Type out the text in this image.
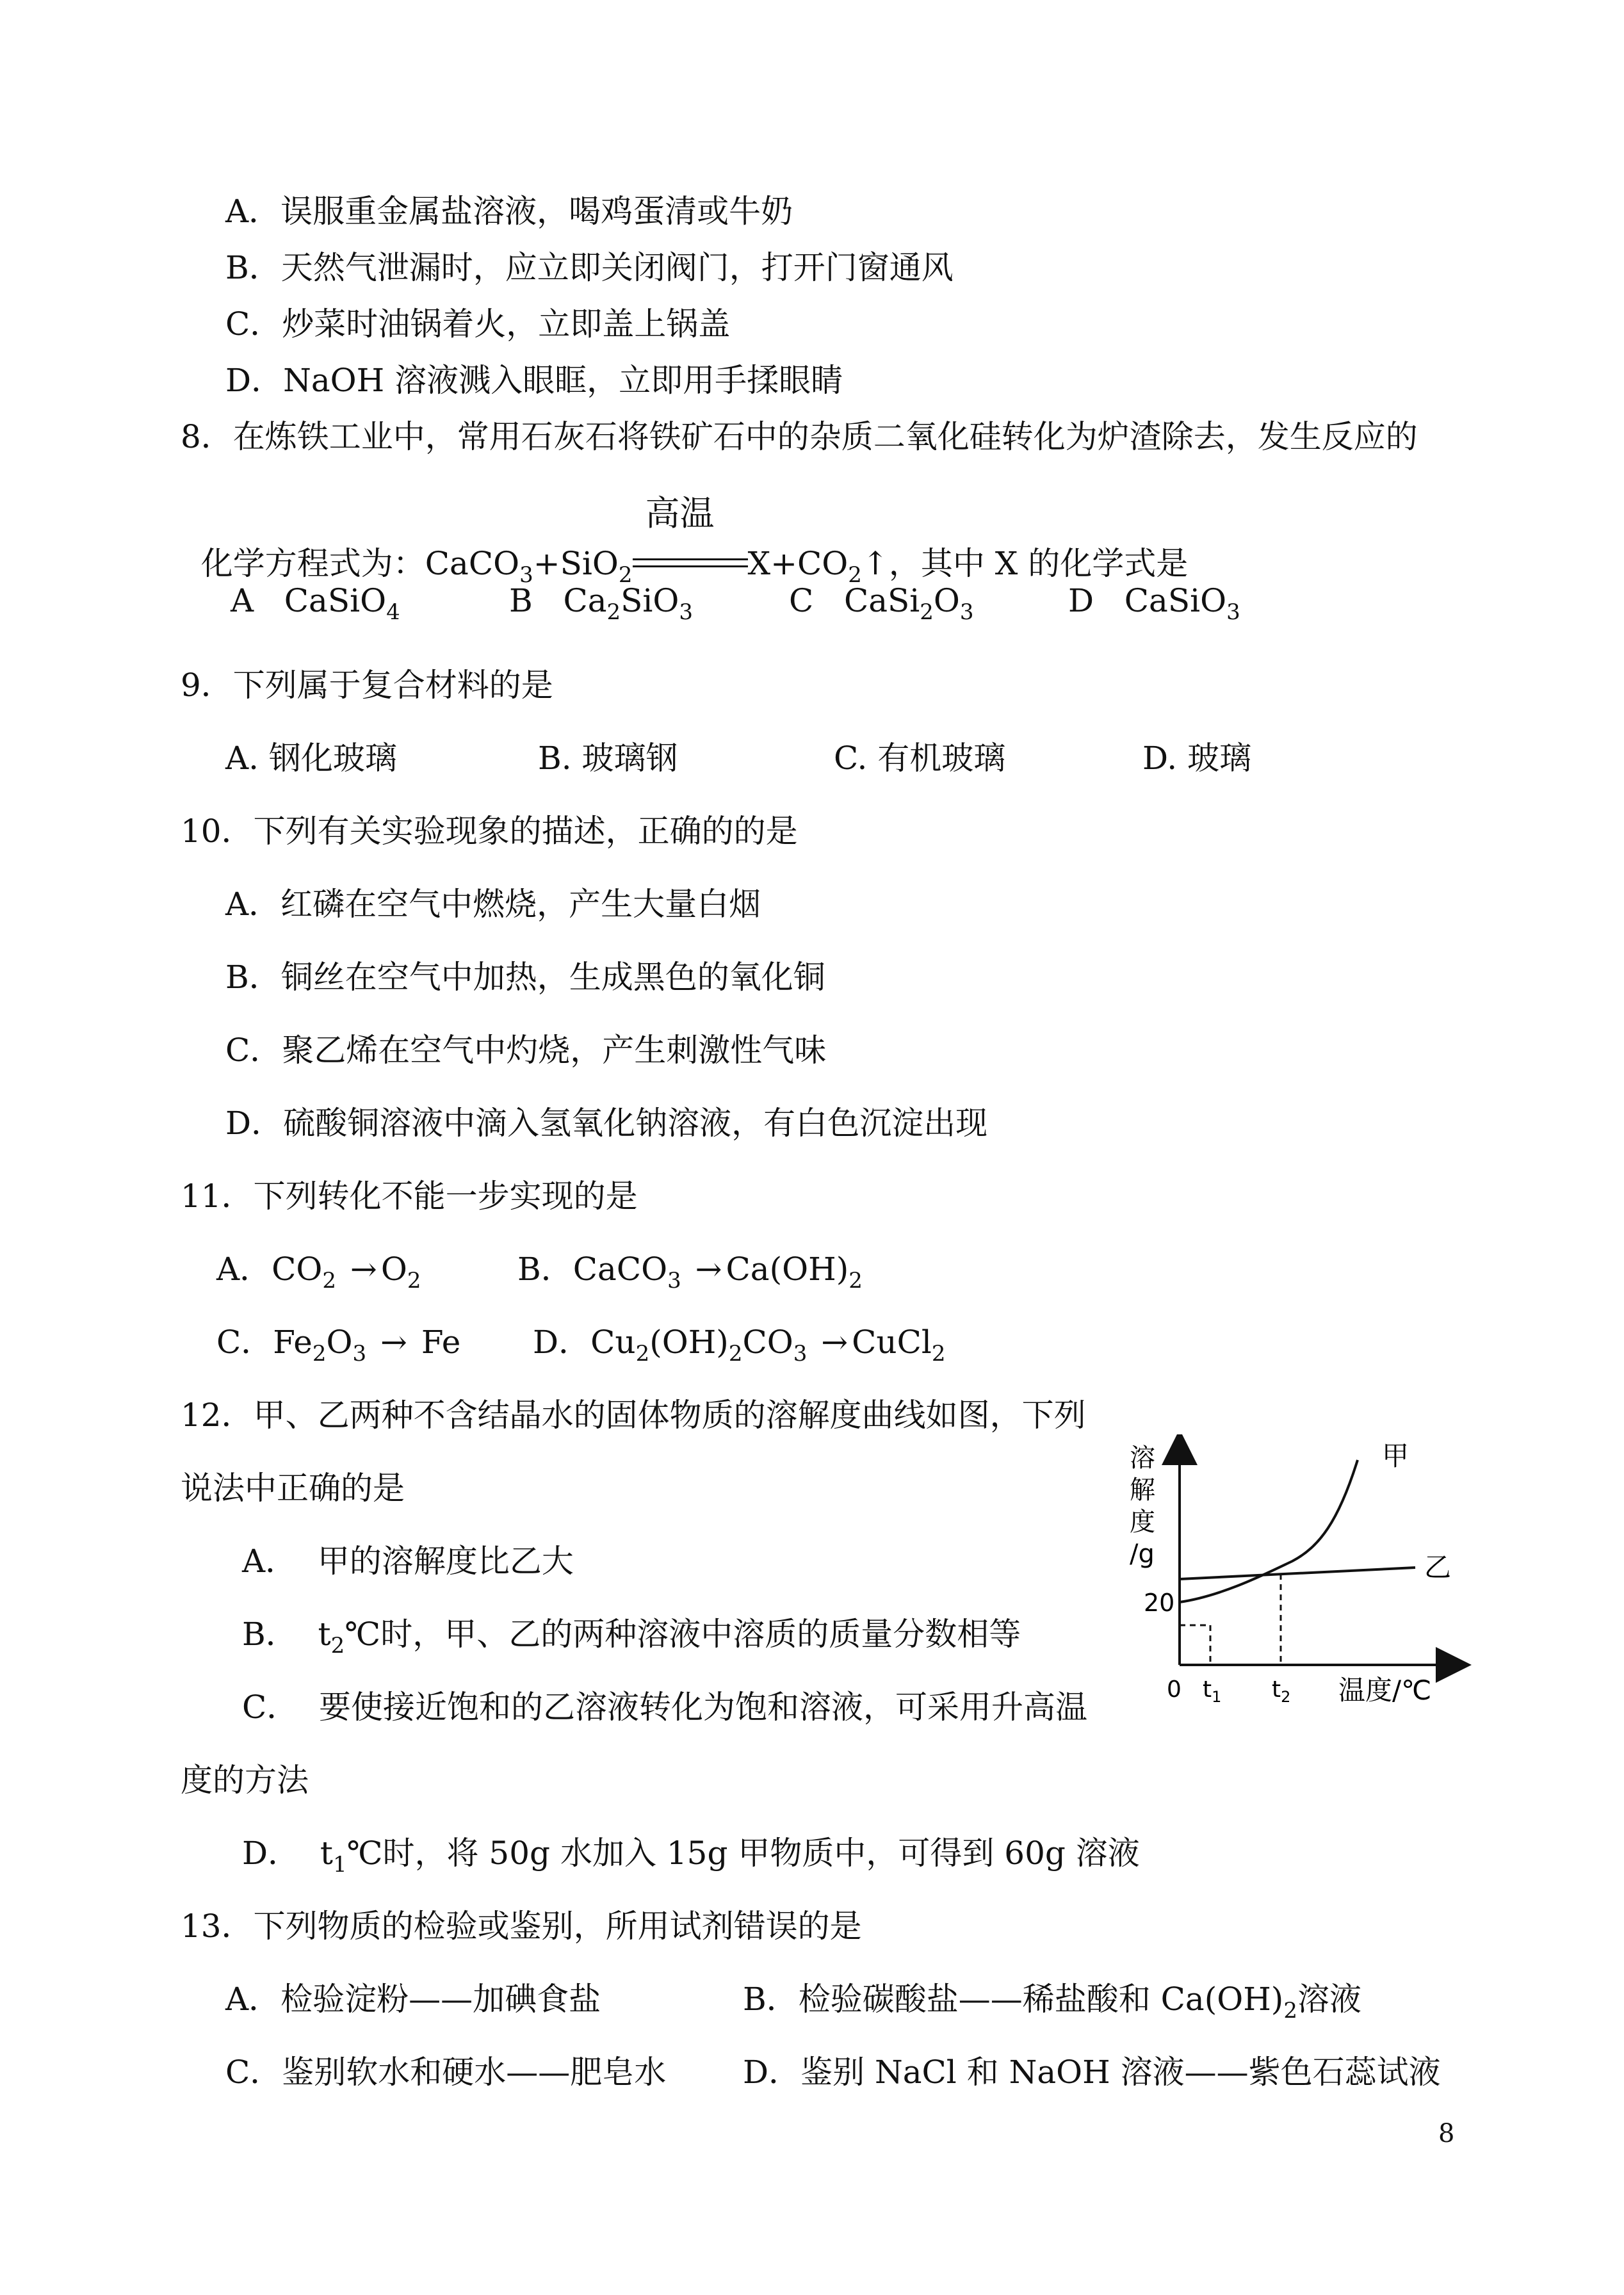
A．误服重金属盐溶液，喝鸡蛋清或牛奶
B．天然气泄漏时，应立即关闭阀门，打开门窗通风
C．炒菜时油锅着火，立即盖上锅盖
D．NaOH 溶液溅入眼眶，立即用手揉眼睛
8．在炼铁工业中，常用石灰石将铁矿石中的杂质二氧化硅转化为炉渣除去，发生反应的

化学方程式为：CaCO$_3$+SiO$_2$
高温
$X+CO_2↑$，其中 X 的化学式是

A CaSiO$_4$	B $Ca_2SiO_3$	C $CaSi_2O_3$	D CaSiO$_3$
9．下列属于复合材料的是
A. 钢化玻璃	B. 玻璃钢	C. 有机玻璃	D. 玻璃
10．下列有关实验现象的描述，正确的的是
A．红磷在空气中燃烧，产生大量白烟
B．铜丝在空气中加热，生成黑色的氧化铜
C．聚乙烯在空气中灼烧，产生刺激性气味
D．硫酸铜溶液中滴入氢氧化钠溶液，有白色沉淀出现
11．下列转化不能一步实现的是
A．$CO_2 \to O_2$	B．CaCO$_3$ → $Ca(OH)_2$
C．$Fe_2O_3 \to Fe$ D．$Cu_2(OH)_2CO_3$ → CuCl$_2$
12．甲、乙两种不含结晶水的固体物质的溶解度曲线如图，下列
说法中正确的是
A．  甲的溶解度比乙大
B．  $t_2℃$时，甲、乙的两种溶液中溶质的质量分数相等
C．  要使接近饱和的乙溶液转化为饱和溶液，可采用升高温
度的方法
D．  $t_1℃$时，将 50g 水加入 15g 甲物质中，可得到 60g 溶液
溶
解
度
/g
20
甲
乙
0 $t_1$ $t_2$ 温度/℃
13．下列物质的检验或鉴别，所用试剂错误的是
A．检验淀粉——加碘食盐	B．检验碳酸盐——稀盐酸和 $Ca(OH)_2$溶液
C．鉴别软水和硬水——肥皂水 D．鉴别 NaCl 和 NaOH 溶液——紫色石蕊试液
8
